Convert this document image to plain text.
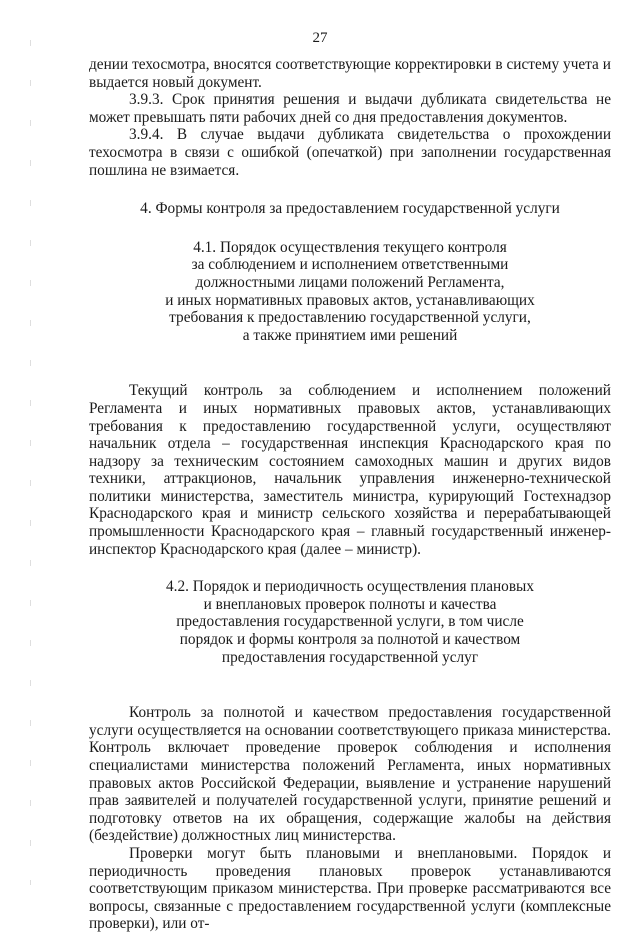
27

дении техосмотра, вносятся соответствующие корректировки в систему учета и выдается новый документ.

3.9.3. Срок принятия решения и выдачи дубликата свидетельства не может превышать пяти рабочих дней со дня предоставления документов.

3.9.4. В случае выдачи дубликата свидетельства о прохождении техосмотра в связи с ошибкой (опечаткой) при заполнении государственная пошлина не взимается.

4. Формы контроля за предоставлением государственной услуги

4.1. Порядок осуществления текущего контроля
за соблюдением и исполнением ответственными
должностными лицами положений Регламента,
и иных нормативных правовых актов, устанавливающих
требования к предоставлению государственной услуги,
а также принятием ими решений

Текущий контроль за соблюдением и исполнением положений Регламента и иных нормативных правовых актов, устанавливающих требования к предоставлению государственной услуги, осуществляют начальник отдела – государственная инспекция Краснодарского края по надзору за техническим состоянием самоходных машин и других видов техники, аттракционов, начальник управления инженерно-технической политики министерства, заместитель министра, курирующий Гостехнадзор Краснодарского края и министр сельского хозяйства и перерабатывающей промышленности Краснодарского края – главный государственный инженер-инспектор Краснодарского края (далее – министр).

4.2. Порядок и периодичность осуществления плановых
и внеплановых проверок полноты и качества
предоставления государственной услуги, в том числе
порядок и формы контроля за полнотой и качеством
предоставления государственной услуг

Контроль за полнотой и качеством предоставления государственной услуги осуществляется на основании соответствующего приказа министерства. Контроль включает проведение проверок соблюдения и исполнения специалистами министерства положений Регламента, иных нормативных правовых актов Российской Федерации, выявление и устранение нарушений прав заявителей и получателей государственной услуги, принятие решений и подготовку ответов на их обращения, содержащие жалобы на действия (бездействие) должностных лиц министерства.

Проверки могут быть плановыми и внеплановыми. Порядок и периодичность проведения плановых проверок устанавливаются соответствующим приказом министерства. При проверке рассматриваются все вопросы, связанные с предоставлением государственной услуги (комплексные проверки), или от-
